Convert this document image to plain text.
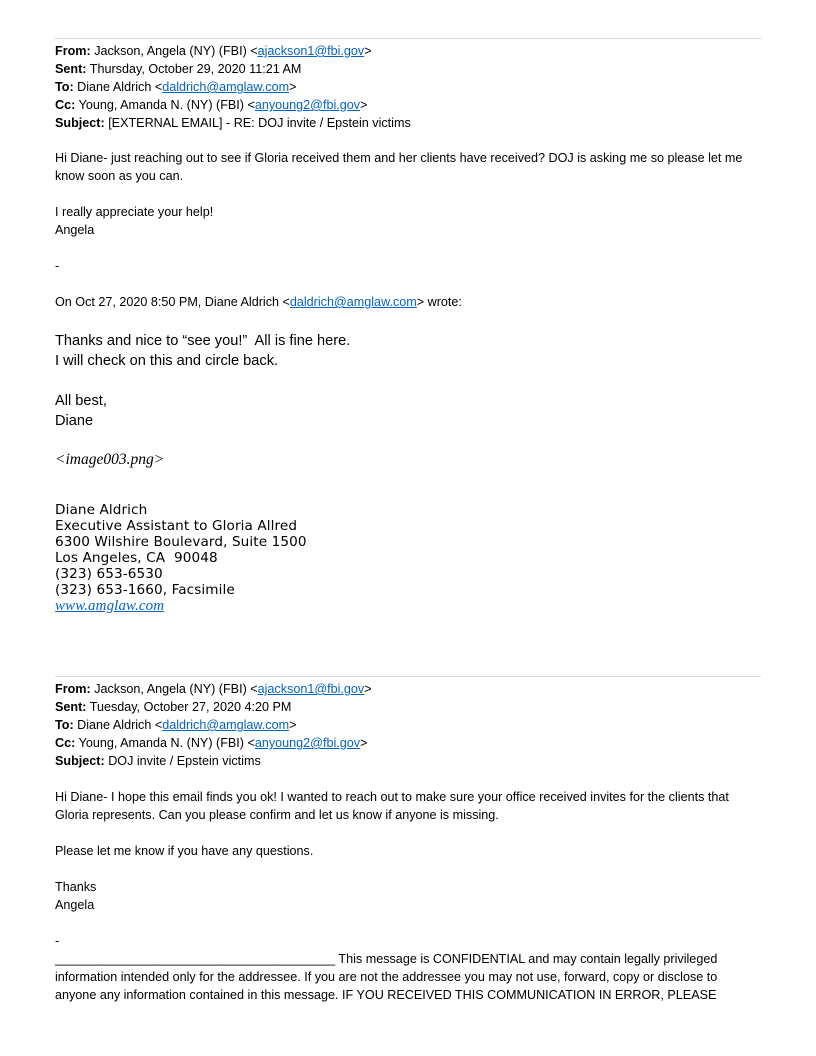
From: Jackson, Angela (NY) (FBI) <ajackson1@fbi.gov>
Sent: Thursday, October 29, 2020 11:21 AM
To: Diane Aldrich <daldrich@amglaw.com>
Cc: Young, Amanda N. (NY) (FBI) <anyoung2@fbi.gov>
Subject: [EXTERNAL EMAIL] - RE: DOJ invite / Epstein victims

Hi Diane- just reaching out to see if Gloria received them and her clients have received? DOJ is asking me so please let me know soon as you can.

I really appreciate your help!
Angela
-
On Oct 27, 2020 8:50 PM, Diane Aldrich <daldrich@amglaw.com> wrote:
Thanks and nice to “see you!”  All is fine here.
I will check on this and circle back.
All best,
Diane
<image003.png>
Diane Aldrich
Executive Assistant to Gloria Allred
6300 Wilshire Boulevard, Suite 1500
Los Angeles, CA  90048
(323) 653-6530
(323) 653-1660, Facsimile
www.amglaw.com
From: Jackson, Angela (NY) (FBI) <ajackson1@fbi.gov>
Sent: Tuesday, October 27, 2020 4:20 PM
To: Diane Aldrich <daldrich@amglaw.com>
Cc: Young, Amanda N. (NY) (FBI) <anyoung2@fbi.gov>
Subject: DOJ invite / Epstein victims

Hi Diane- I hope this email finds you ok! I wanted to reach out to make sure your office received invites for the clients that Gloria represents. Can you please confirm and let us know if anyone is missing.

Please let me know if you have any questions.
Thanks
Angela
-

________________________________________ This message is CONFIDENTIAL and may contain legally privileged information intended only for the addressee. If you are not the addressee you may not use, forward, copy or disclose to anyone any information contained in this message. IF YOU RECEIVED THIS COMMUNICATION IN ERROR, PLEASE
